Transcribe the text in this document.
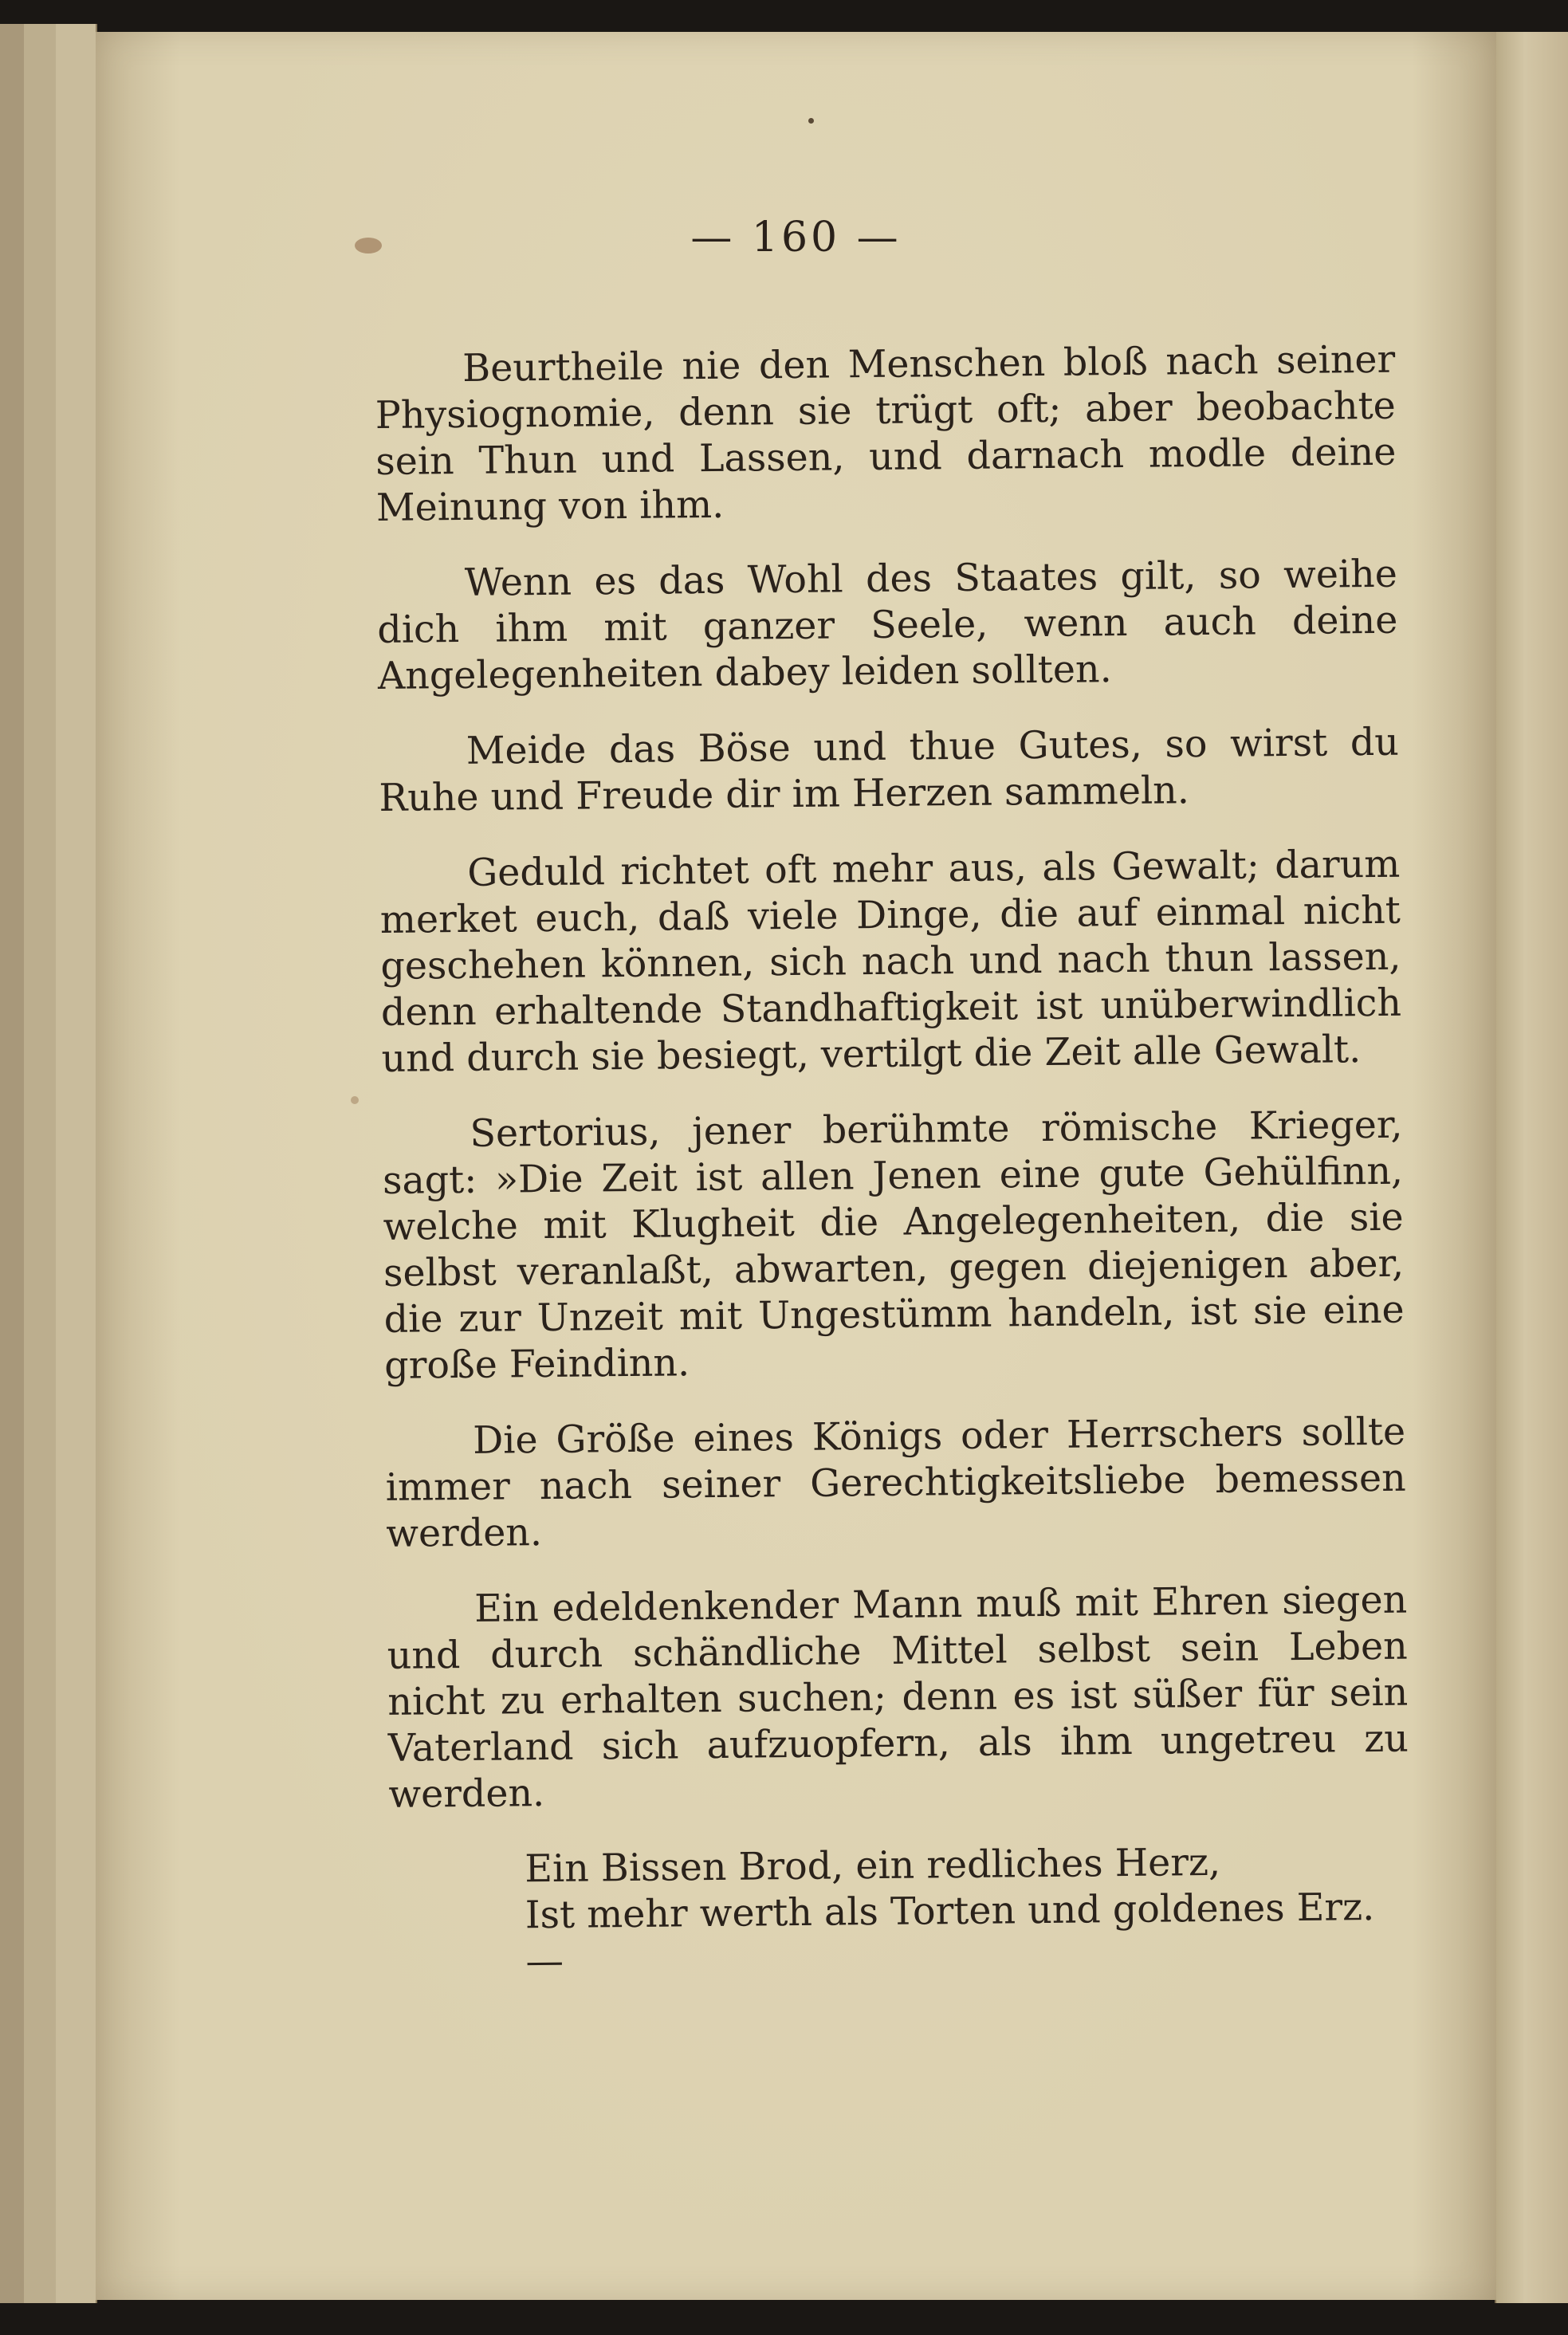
— 160 —

Beurtheile nie den Menschen bloß nach seiner Physiognomie, denn sie trügt oft; aber beobachte sein Thun und Lassen, und darnach modle deine Meinung von ihm.

Wenn es das Wohl des Staates gilt, so weihe dich ihm mit ganzer Seele, wenn auch deine Angelegenheiten dabey leiden sollten.

Meide das Böse und thue Gutes, so wirst du Ruhe und Freude dir im Herzen sammeln.

Geduld richtet oft mehr aus, als Gewalt; darum merket euch, daß viele Dinge, die auf einmal nicht geschehen können, sich nach und nach thun lassen, denn erhaltende Standhaftigkeit ist unüberwindlich und durch sie besiegt, vertilgt die Zeit alle Gewalt.

Sertorius, jener berühmte römische Krieger, sagt: »Die Zeit ist allen Jenen eine gute Gehülfinn, welche mit Klugheit die Angelegenheiten, die sie selbst veranlaßt, abwarten, gegen diejenigen aber, die zur Unzeit mit Ungestümm handeln, ist sie eine große Feindinn.

Die Größe eines Königs oder Herrschers sollte immer nach seiner Gerechtigkeitsliebe bemessen werden.

Ein edeldenkender Mann muß mit Ehren siegen und durch schändliche Mittel selbst sein Leben nicht zu erhalten suchen; denn es ist süßer für sein Vaterland sich aufzuopfern, als ihm ungetreu zu werden.

Ein Bissen Brod, ein redliches Herz,
Ist mehr werth als Torten und goldenes Erz. —
